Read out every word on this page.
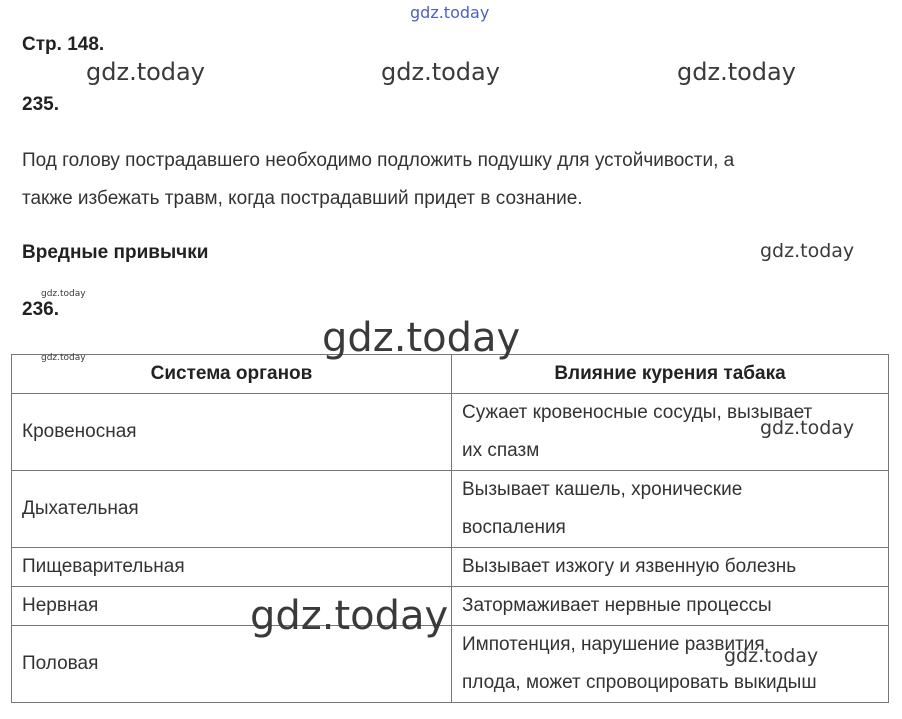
gdz.today
gdz.today	gdz.today	gdz.today
gdz.today
gdz.today
Стр. 148.
235.
Под голову пострадавшего необходимо подложить подушку для устойчивости, а
также избежать травм, когда пострадавший придет в сознание.
Вредные привычки
236.
Система органов	Влияние курения табака
Кровеносная	Сужает кровеносные сосуды, вызывает
их спазм

Дыхательная	Вызывает кашель, хронические
воспаления

Пищеварительная	Вызывает изжогу и язвенную болезнь
Нервная	Затормаживает нервные процессы
Половая	Импотенция, нарушение развития
плода, может спровоцировать выкидыш
gdz.today	gdz.today
gdz.today
gdz.today
gdz.today
